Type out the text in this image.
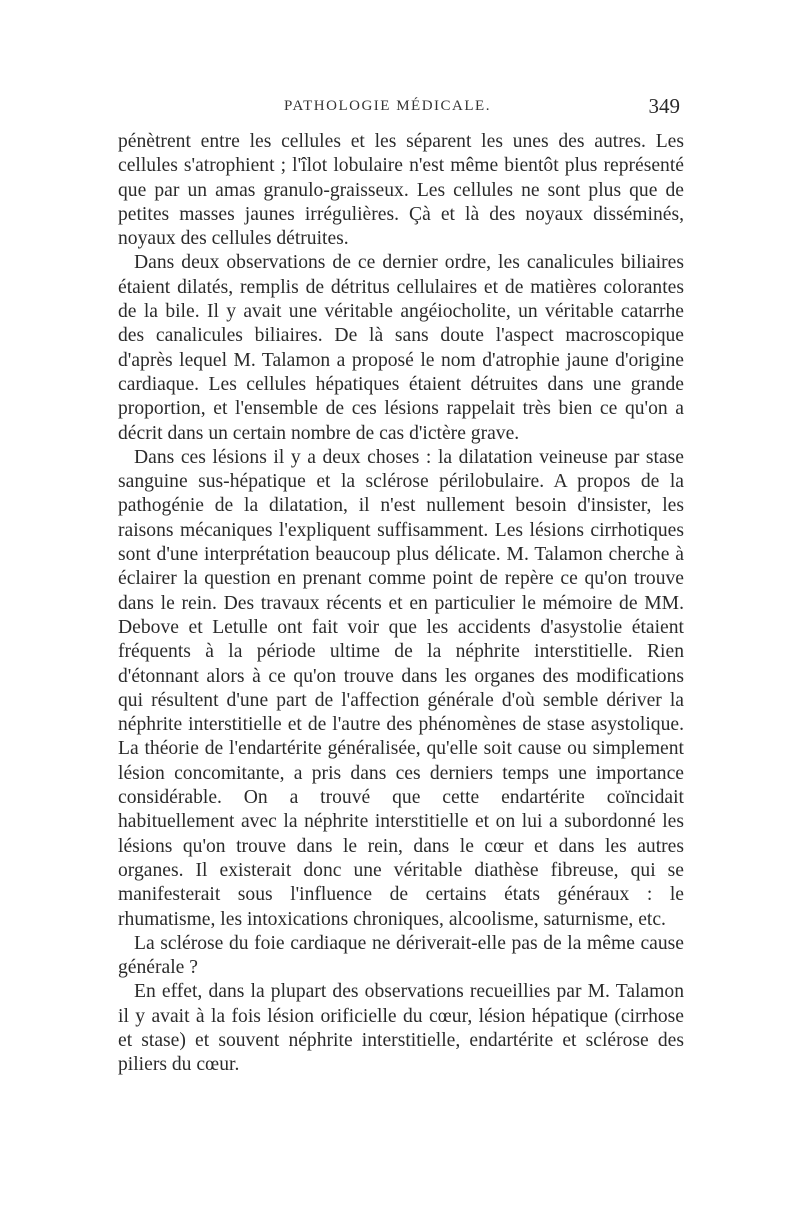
PATHOLOGIE MÉDICALE.	349

pénètrent entre les cellules et les séparent les unes des autres. Les cellules s'atrophient ; l'îlot lobulaire n'est même bientôt plus représenté que par un amas granulo-graisseux. Les cellules ne sont plus que de petites masses jaunes irrégulières. Çà et là des noyaux disséminés, noyaux des cellules détruites.

Dans deux observations de ce dernier ordre, les canalicules biliaires étaient dilatés, remplis de détritus cellulaires et de matières colorantes de la bile. Il y avait une véritable angéiocholite, un véritable catarrhe des canalicules biliaires. De là sans doute l'aspect macroscopique d'après lequel M. Talamon a proposé le nom d'atrophie jaune d'origine cardiaque. Les cellules hépatiques étaient détruites dans une grande proportion, et l'ensemble de ces lésions rappelait très bien ce qu'on a décrit dans un certain nombre de cas d'ictère grave.

Dans ces lésions il y a deux choses : la dilatation veineuse par stase sanguine sus-hépatique et la sclérose périlobulaire. A propos de la pathogénie de la dilatation, il n'est nullement besoin d'insister, les raisons mécaniques l'expliquent suffisamment. Les lésions cirrhotiques sont d'une interprétation beaucoup plus délicate. M. Talamon cherche à éclairer la question en prenant comme point de repère ce qu'on trouve dans le rein. Des travaux récents et en particulier le mémoire de MM. Debove et Letulle ont fait voir que les accidents d'asystolie étaient fréquents à la période ultime de la néphrite interstitielle. Rien d'étonnant alors à ce qu'on trouve dans les organes des modifications qui résultent d'une part de l'affection générale d'où semble dériver la néphrite interstitielle et de l'autre des phénomènes de stase asystolique. La théorie de l'endartérite généralisée, qu'elle soit cause ou simplement lésion concomitante, a pris dans ces derniers temps une importance considérable. On a trouvé que cette endartérite coïncidait habituellement avec la néphrite interstitielle et on lui a subordonné les lésions qu'on trouve dans le rein, dans le cœur et dans les autres organes. Il existerait donc une véritable diathèse fibreuse, qui se manifesterait sous l'influence de certains états généraux : le rhumatisme, les intoxications chroniques, alcoolisme, saturnisme, etc.

La sclérose du foie cardiaque ne dériverait-elle pas de la même cause générale ?

En effet, dans la plupart des observations recueillies par M. Talamon il y avait à la fois lésion orificielle du cœur, lésion hépatique (cirrhose et stase) et souvent néphrite interstitielle, endartérite et sclérose des piliers du cœur.
